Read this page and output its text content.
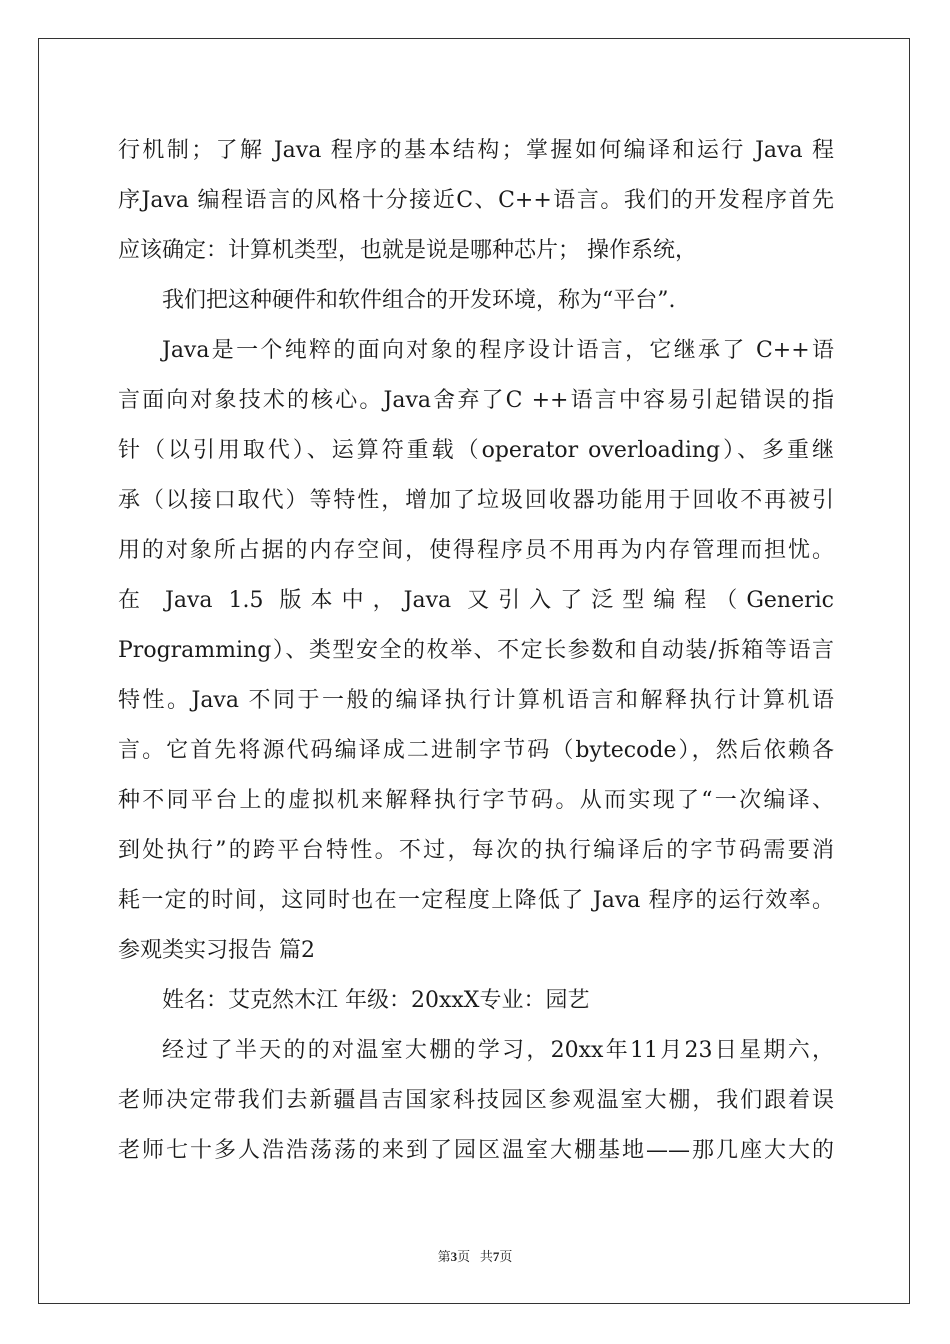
行机制；了解 Java 程序的基本结构；掌握如何编译和运行 Java 程
序Java 编程语言的风格十分接近C、C++语言。我们的开发程序首先
应该确定：计算机类型，也就是说是哪种芯片； 操作系统，
我们把这种硬件和软件组合的开发环境，称为“平台”.
Java是一个纯粹的面向对象的程序设计语言，它继承了 C++语
言面向对象技术的核心。Java舍弃了C ++语言中容易引起错误的指
针（以引用取代）、运算符重载（operator overloading）、多重继
承（以接口取代）等特性，增加了垃圾回收器功能用于回收不再被引
用的对象所占据的内存空间，使得程序员不用再为内存管理而担忧。
在 Java 1.5 版本中，Java 又引入了泛型编程（Generic
Programming）、类型安全的枚举、不定长参数和自动装/拆箱等语言
特性。Java 不同于一般的编译执行计算机语言和解释执行计算机语
言。它首先将源代码编译成二进制字节码（bytecode），然后依赖各
种不同平台上的虚拟机来解释执行字节码。从而实现了“一次编译、
到处执行”的跨平台特性。不过，每次的执行编译后的字节码需要消
耗一定的时间，这同时也在一定程度上降低了 Java 程序的运行效率。
参观类实习报告 篇2
姓名：艾克然木江 年级：20xxX专业：园艺
经过了半天的的对温室大棚的学习，20xx年11月23日星期六，
老师决定带我们去新疆昌吉国家科技园区参观温室大棚，我们跟着误
老师七十多人浩浩荡荡的来到了园区温室大棚基地——那几座大大的
第3页   共7页
